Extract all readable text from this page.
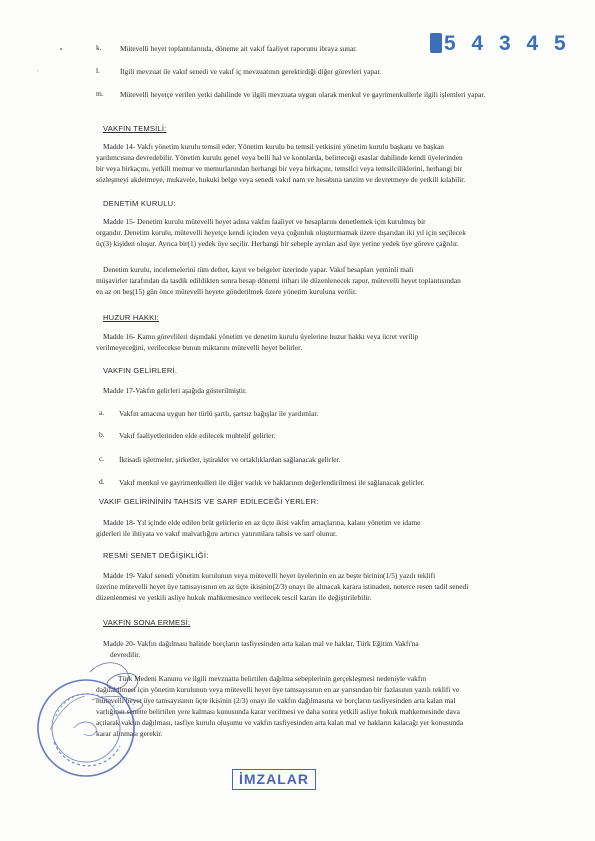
5 4 3 4 5
k. Mütevelli heyet toplantılarında, döneme ait vakıf faaliyet raporunu ibraya sunar.
l.	İlgili mevzuat ile vakıf senedi ve vakıf iç mevzuatının gerektirdiği diğer görevleri yapar.
m. Mütevelli heyetçe verilen yetki dahilinde ve ilgili mevzuata uygun olarak menkul ve gayrimenkullerle ilgili işlemleri yapar.
VAKFIN TEMSİLİ:
Madde 14- Vakfı yönetim kurulu temsil eder. Yönetim kurulu bu temsil yetkisini yönetim kurulu başkanı ve başkan
yardımcısına devredebilir. Yönetim kurulu genel veya belli hal ve konularda, belirteceği esaslar dahilinde kendi üyelerinden
bir veya birkaçını, yetkili memur ve memurlarından herhangi bir veya birkaçını, temsilci veya temsilciliklerini, herhangi bir
sözleşmeyi akdetmeye, mukavele, hukuki belge veya senedi vakıf nam ve hesabına tanzim ve devretmeye de yetkili kılabilir.
DENETİM KURULU:
Madde 15- Denetim kurulu mütevelli heyet adına vakfın faaliyet ve hesaplarını denetlemek için kurulmuş bir
organdır. Denetim kurulu, mütevelli heyetçe kendi içinden veya çoğunluk oluşturmamak üzere dışarıdan iki yıl için seçilecek
üç(3) kişiden oluşur. Ayrıca bir(1) yedek üye seçilir. Herhangi bir sebeple ayrılan asıl üye yerine yedek üye göreve çağrılır.
Denetim kurulu, incelemelerini tüm defter, kayıt ve belgeler üzerinde yapar. Vakıf hesapları yeminli mali
müşavirler tarafından da tasdik edildikten sonra hesap dönemi itibarı ile düzenlenecek rapor, mütevelli heyet toplantısından
en az on beş(15) gün önce mütevelli heyete gönderilmek üzere yönetim kuruluna verilir.
HUZUR HAKKI:
Madde 16- Kamu görevlileri dışındaki yönetim ve denetim kurulu üyelerine huzur hakkı veya ücret verilip
verilmeyeceğini, verilecekse bunun miktarını mütevelli heyet belirler.
VAKFIN GELİRLERİ.
Madde 17-Vakfın gelirleri aşağıda gösterilmiştir.
a. Vakfın amacına uygun her türlü şartlı, şartsız bağışlar ile yardımlar.
b. Vakıf faaliyetlerinden elde edilecek muhtelif gelirler.
c. İktisadi işletmeler, şirketler, iştirakler ve ortaklıklardan sağlanacak gelirler.
d. Vakıf menkul ve gayrimenkulleri ile diğer varlık ve haklarının değerlendirilmesi ile sağlanacak gelirler.
VAKIF GELİRİNİNİN TAHSİS VE SARF EDİLECEĞİ YERLER:
Madde 18- Yıl içinde elde edilen brüt gelirlerin en az üçte ikisi vakfın amaçlarına, kalanı yönetim ve idame
giderleri ile ihtiyata ve vakıf malvarlığını artırıcı yatırımlara tahsis ve sarf olunur.
RESMİ SENET DEĞİŞİKLİĞİ:
Madde 19- Vakıf senedi yönetim kurulunun veya mütevelli heyet üyelerinin en az beşte birinin(1/5) yazılı teklifi
üzerine mütevelli heyet üye tamsayısının en az üçte ikisinin(2/3) onayı ile alınacak karara istinaden, noterce resen tadil senedi
düzenlenmesi ve yetkili asliye hukuk mahkemesince verilecek tescil kararı ile değiştirilebilir.
VAKFIN SONA ERMESİ:
Madde 20- Vakfın dağılması halinde borçların tasfiyesinden arta kalan mal ve haklar, Türk Eğitim Vakfı'na
devredilir.
Türk Medeni Kanunu ve ilgili mevzuatta belirtilen dağılma sebeplerinin gerçekleşmesi nedeniyle vakfın
dağılabilmesi için yönetim kurulunun veya mütevelli heyet üye tamsayısının en az yarısından bir fazlasının yazılı teklifi ve
mütevelli heyet üye tamsayısının üçte ikisinin (2/3) onayı ile vakfın dağılmasına ve borçların tasfiyesinden arta kalan mal
varlığının senette belirtilen yere kalması konusunda karar verilmesi ve daha sonra yetkili asliye hukuk mahkemesinde dava
açılarak vakfın dağılması, tasfiye kurulu oluşumu ve vakfın tasfiyesinden arta kalan mal ve hakların kalacağı yer konusunda
karar alınması gerekir.
İMZALAR
